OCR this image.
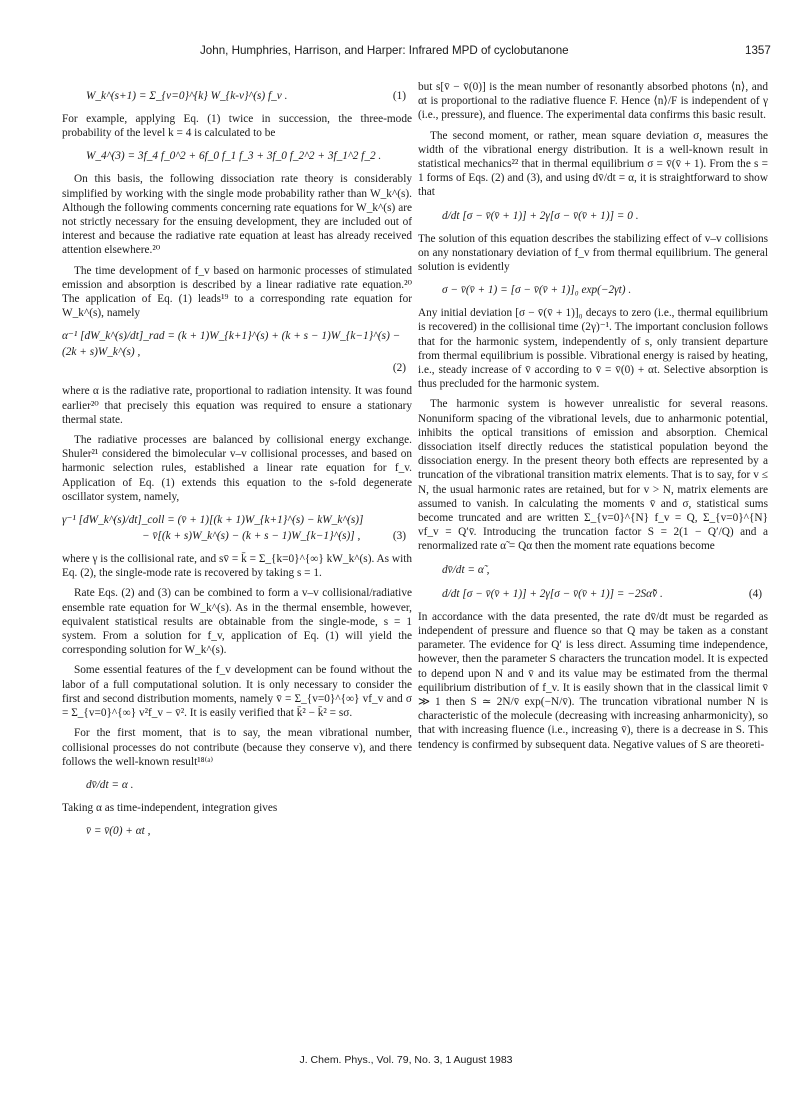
John, Humphries, Harrison, and Harper: Infrared MPD of cyclobutanone	1357
W_k^(s+1) = Σ_{v=0}^{k} W_{k-v}^(s) f_v .	(1)

For example, applying Eq. (1) twice in succession, the three-mode probability of the level k = 4 is calculated to be

W_4^(3) = 3f_4 f_0^2 + 6f_0 f_1 f_3 + 3f_0 f_2^2 + 3f_1^2 f_2 .

On this basis, the following dissociation rate theory is considerably simplified by working with the single mode probability rather than W_k^(s). Although the following comments concerning rate equations for W_k^(s) are not strictly necessary for the ensuing development, they are included out of interest and because the radiative rate equation at least has already received attention elsewhere.²⁰

The time development of f_v based on harmonic processes of stimulated emission and absorption is described by a linear radiative rate equation.²⁰ The application of Eq. (1) leads¹⁹ to a corresponding rate equation for W_k^(s), namely

α⁻¹ [dW_k^(s)/dt]_rad = (k + 1)W_{k+1}^(s) + (k + s − 1)W_{k−1}^(s) − (2k + s)W_k^(s) ,
(2)

where α is the radiative rate, proportional to radiation intensity. It was found earlier²⁰ that precisely this equation was required to ensure a stationary thermal state.

The radiative processes are balanced by collisional energy exchange. Shuler²¹ considered the bimolecular v–v collisional processes, and based on harmonic selection rules, established a linear rate equation for f_v. Application of Eq. (1) extends this equation to the s-fold degenerate oscillator system, namely,

γ⁻¹ [dW_k^(s)/dt]_coll = (v̄ + 1)[(k + 1)W_{k+1}^(s) − kW_k^(s)]
− v̄[(k + s)W_k^(s) − (k + s − 1)W_{k−1}^(s)] ,	(3)

where γ is the collisional rate, and sv̄ = k̄ = Σ_{k=0}^{∞} kW_k^(s). As with Eq. (2), the single-mode rate is recovered by taking s = 1.

Rate Eqs. (2) and (3) can be combined to form a v–v collisional/radiative ensemble rate equation for W_k^(s). As in the thermal ensemble, however, equivalent statistical results are obtainable from the single-mode, s = 1 system. From a solution for f_v, application of Eq. (1) will yield the corresponding solution for W_k^(s).

Some essential features of the f_v development can be found without the labor of a full computational solution. It is only necessary to consider the first and second distribution moments, namely v̄ = Σ_{v=0}^{∞} vf_v and σ = Σ_{v=0}^{∞} v²f_v − v̄². It is easily verified that k̄² − k̄² = sσ.

For the first moment, that is to say, the mean vibrational number, collisional processes do not contribute (because they conserve v), and there follows the well-known result¹⁸⁽ᵃ⁾

dv̄/dt = α .

Taking α as time-independent, integration gives

v̄ = v̄(0) + αt ,

but s[v̄ − v̄(0)] is the mean number of resonantly absorbed photons ⟨n⟩, and αt is proportional to the radiative fluence F. Hence ⟨n⟩/F is independent of γ (i.e., pressure), and fluence. The experimental data confirms this basic result.

The second moment, or rather, mean square deviation σ, measures the width of the vibrational energy distribution. It is a well-known result in statistical mechanics²² that in thermal equilibrium σ = v̄(v̄ + 1). From the s = 1 forms of Eqs. (2) and (3), and using dv̄/dt = α, it is straightforward to show that

d/dt [σ − v̄(v̄ + 1)] + 2γ[σ − v̄(v̄ + 1)] = 0 .

The solution of this equation describes the stabilizing effect of v–v collisions on any nonstationary deviation of f_v from thermal equilibrium. The general solution is evidently

σ − v̄(v̄ + 1) = [σ − v̄(v̄ + 1)]₀ exp(−2γt) .

Any initial deviation [σ − v̄(v̄ + 1)]₀ decays to zero (i.e., thermal equilibrium is recovered) in the collisional time (2γ)⁻¹. The important conclusion follows that for the harmonic system, independently of s, only transient departure from thermal equilibrium is possible. Vibrational energy is raised by heating, i.e., steady increase of v̄ according to v̄ = v̄(0) + αt. Selective absorption is thus precluded for the harmonic system.

The harmonic system is however unrealistic for several reasons. Nonuniform spacing of the vibrational levels, due to anharmonic potential, inhibits the optical transitions of emission and absorption. Chemical dissociation itself directly reduces the statistical population beyond the dissociation energy. In the present theory both effects are represented by a truncation of the vibrational transition matrix elements. That is to say, for v ≤ N, the usual harmonic rates are retained, but for v > N, matrix elements are assumed to vanish. In calculating the moments v̄ and σ, statistical sums become truncated and are written Σ_{v=0}^{N} f_v = Q, Σ_{v=0}^{N} vf_v = Q′v̄. Introducing the truncation factor S = 2(1 − Q′/Q) and a renormalized rate α̃ = Qα then the moment rate equations become

dv̄/dt = α̃ ,
d/dt [σ − v̄(v̄ + 1)] + 2γ[σ − v̄(v̄ + 1)] = −2Sα̃v̄ .	(4)

In accordance with the data presented, the rate dv̄/dt must be regarded as independent of pressure and fluence so that Q may be taken as a constant parameter. The evidence for Q′ is less direct. Assuming time independence, however, then the parameter S characters the truncation model. It is expected to depend upon N and v̄ and its value may be estimated from the thermal equilibrium distribution of f_v. It is easily shown that in the classical limit v̄ ≫ 1 then S ≃ 2N/v̄ exp(−N/v̄). The truncation vibrational number N is characteristic of the molecule (decreasing with increasing anharmonicity), so that with increasing fluence (i.e., increasing v̄), there is a decrease in S. This tendency is confirmed by subsequent data. Negative values of S are theoreti-

J. Chem. Phys., Vol. 79, No. 3, 1 August 1983
